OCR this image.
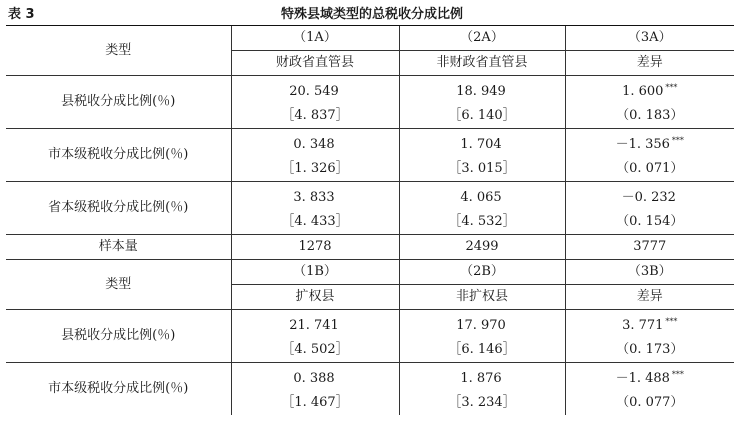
表 3	特殊县域类型的总税收分成比例
类型	（1A）	（2A）	（3A）
	财政省直管县	非财政省直管县	差异
县税收分成比例(％)	20. 549	18. 949	1. 600 ***
	［4. 837］	［6. 140］	（0. 183）
市本级税收分成比例(％)	0. 348	1. 704	－1. 356 ***
	［1. 326］	［3. 015］	（0. 071）
省本级税收分成比例(％)	3. 833	4. 065	－0. 232
	［4. 433］	［4. 532］	（0. 154）
样本量	1278	2499	3777
类型	（1B）	（2B）	（3B）
	扩权县	非扩权县	差异
县税收分成比例(％)	21. 741	17. 970	3. 771 ***
	［4. 502］	［6. 146］	（0. 173）
市本级税收分成比例(％)	0. 388	1. 876	－1. 488 ***
	［1. 467］	［3. 234］	（0. 077）
